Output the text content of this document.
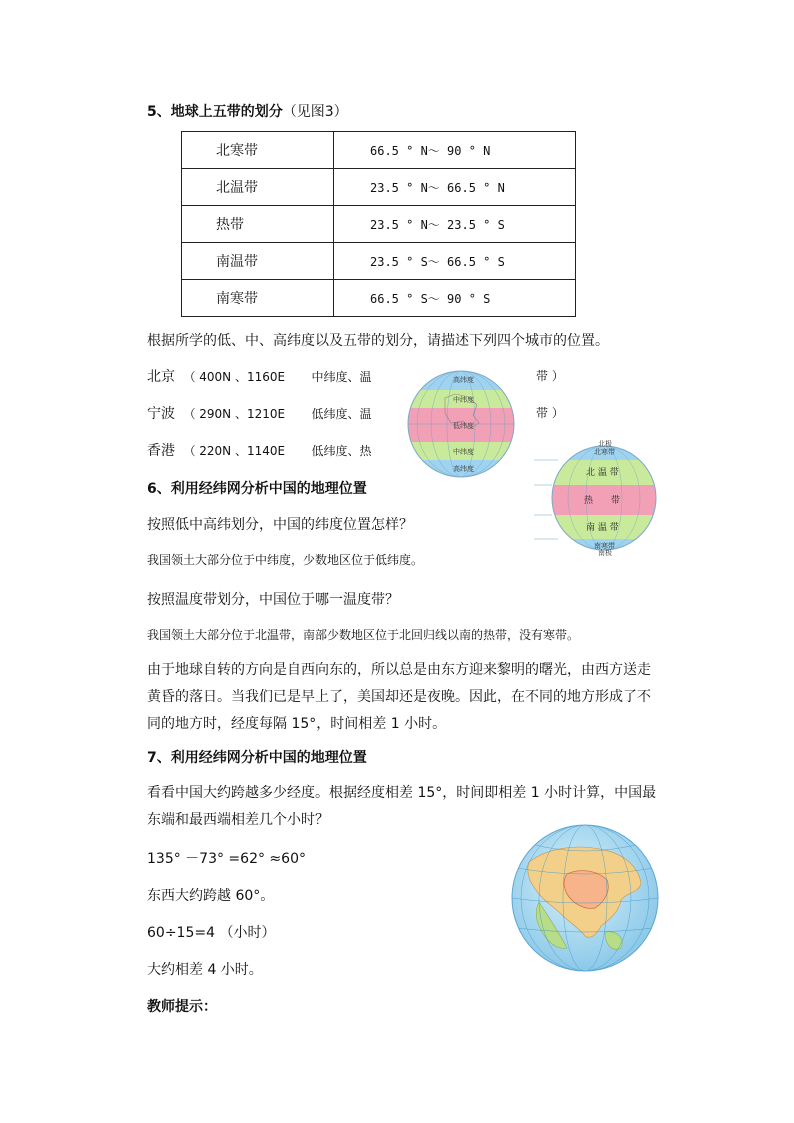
5、地球上五带的划分（见图3）
北寒带	66.5 ° N～ 90 ° N
北温带	23.5 ° N～ 66.5 ° N
热带	23.5 ° N～ 23.5 ° S
南温带	23.5 ° S～ 66.5 ° S
南寒带	66.5 ° S～ 90 ° S
根据所学的低、中、高纬度以及五带的划分，请描述下列四个城市的位置。
北京 （ 400N 、1160E 中纬度、温	带 ）
宁波 （ 290N 、1210E 低纬度、温	带 ）
香港 （ 220N 、1140E 低纬度、热
高纬度
中纬度
低纬度
中纬度
高纬度
北极
北寒带
北 温 带
热　　带
南 温 带
南寒带
南极
6、利用经纬网分析中国的地理位置
按照低中高纬划分，中国的纬度位置怎样？
我国领土大部分位于中纬度，少数地区位于低纬度。
按照温度带划分，中国位于哪一温度带？
我国领土大部分位于北温带，南部少数地区位于北回归线以南的热带，没有寒带。
由于地球自转的方向是自西向东的，所以总是由东方迎来黎明的曙光，由西方送走黄昏的落日。当我们已是早上了，美国却还是夜晚。因此，在不同的地方形成了不同的地方时，经度每隔 15°，时间相差 1 小时。
7、利用经纬网分析中国的地理位置
看看中国大约跨越多少经度。根据经度相差 15°，时间即相差 1 小时计算，中国最东端和最西端相差几个小时？
135° －73° =62° ≈60°
东西大约跨越 60°。
60÷15=4 （小时）
大约相差 4 小时。
教师提示：
